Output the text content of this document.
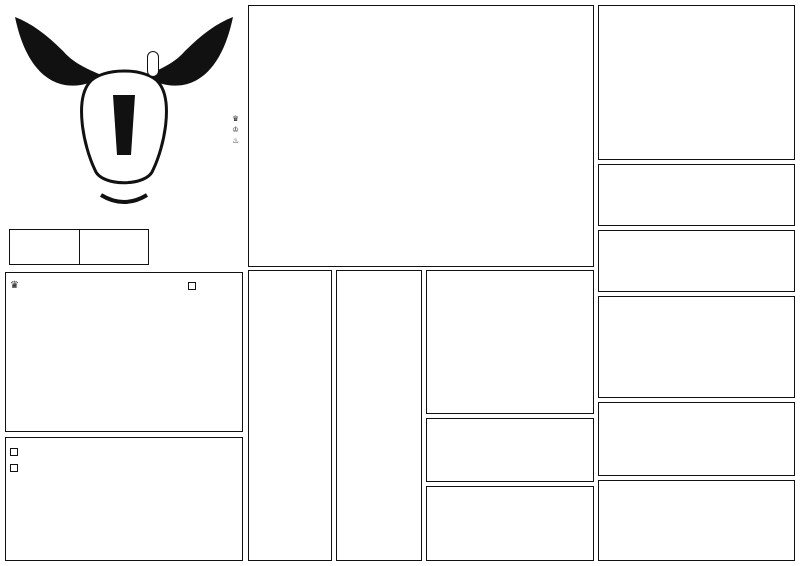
♛
♔
♨
♛
